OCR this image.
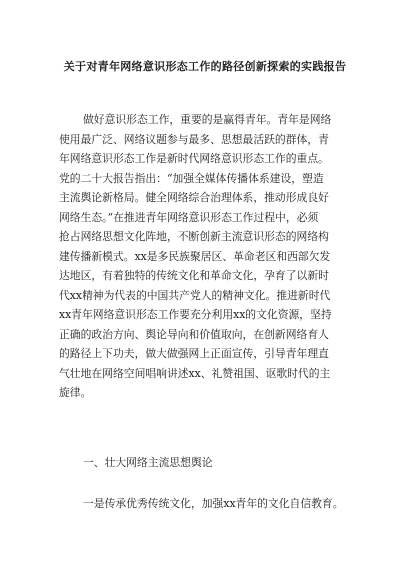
关于对青年网络意识形态工作的路径创新探索的实践报告
做好意识形态工作，重要的是赢得青年。青年是网络
使用最广泛、网络议题参与最多、思想最活跃的群体，青
年网络意识形态工作是新时代网络意识形态工作的重点。
党的二十大报告指出：“加强全媒体传播体系建设，塑造
主流舆论新格局。健全网络综合治理体系，推动形成良好
网络生态。”在推进青年网络意识形态工作过程中，必须
抢占网络思想文化阵地，不断创新主流意识形态的网络构
建传播新模式。xx是多民族聚居区、革命老区和西部欠发
达地区，有着独特的传统文化和革命文化，孕育了以新时
代xx精神为代表的中国共产党人的精神文化。推进新时代
xx青年网络意识形态工作要充分利用xx的文化资源，坚持
正确的政治方向、舆论导向和价值取向，在创新网络育人
的路径上下功夫，做大做强网上正面宣传，引导青年理直
气壮地在网络空间唱响讲述xx、礼赞祖国、讴歌时代的主
旋律。
一、壮大网络主流思想舆论
一是传承优秀传统文化，加强xx青年的文化自信教育。
